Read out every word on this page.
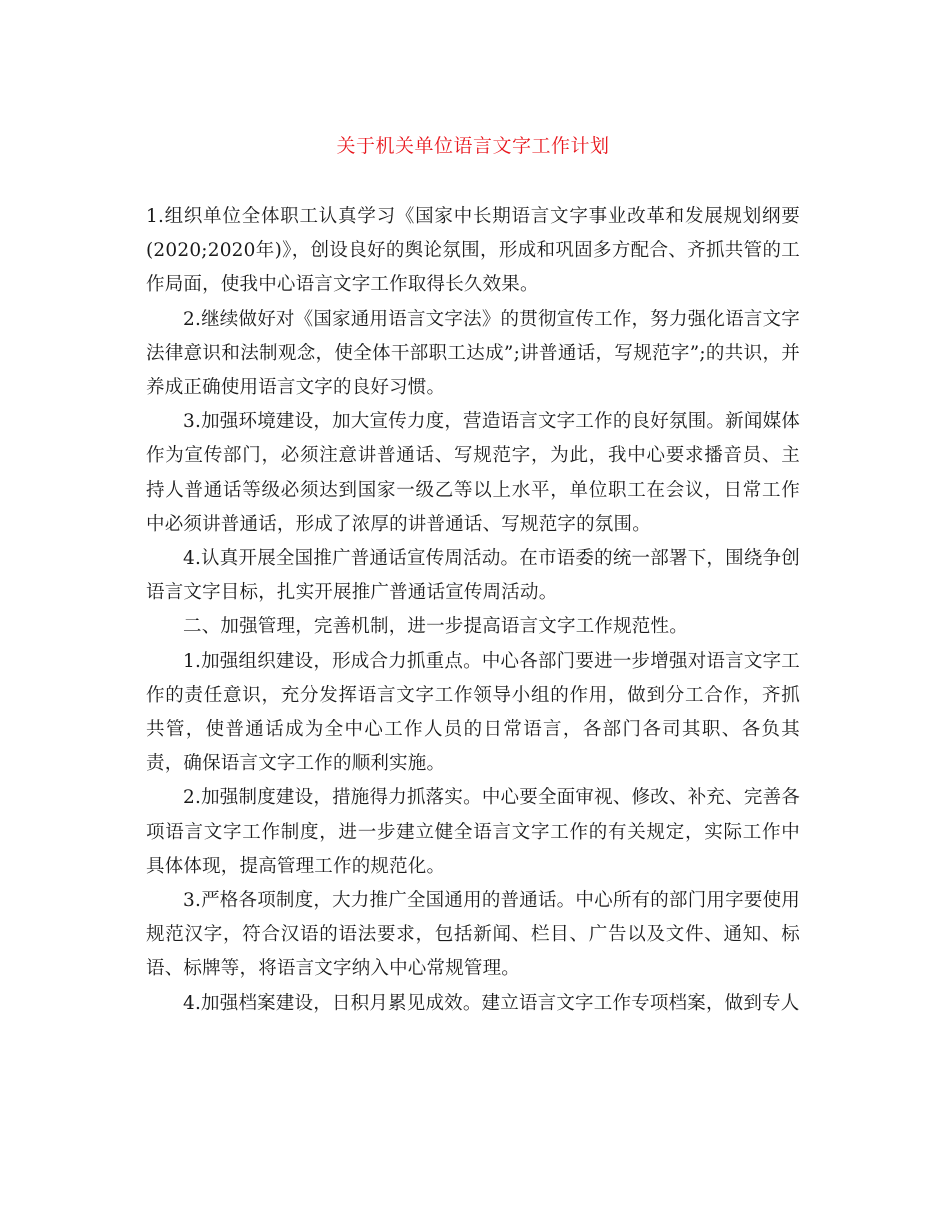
关于机关单位语言文字工作计划

1.组织单位全体职工认真学习《国家中长期语言文字事业改革和发展规划纲要(2020;2020年)》，创设良好的舆论氛围，形成和巩固多方配合、齐抓共管的工作局面，使我中心语言文字工作取得长久效果。

2.继续做好对《国家通用语言文字法》的贯彻宣传工作，努力强化语言文字法律意识和法制观念，使全体干部职工达成”;讲普通话，写规范字”;的共识，并养成正确使用语言文字的良好习惯。

3.加强环境建设，加大宣传力度，营造语言文字工作的良好氛围。新闻媒体作为宣传部门，必须注意讲普通话、写规范字，为此，我中心要求播音员、主持人普通话等级必须达到国家一级乙等以上水平，单位职工在会议，日常工作中必须讲普通话，形成了浓厚的讲普通话、写规范字的氛围。

4.认真开展全国推广普通话宣传周活动。在市语委的统一部署下，围绕争创语言文字目标，扎实开展推广普通话宣传周活动。

二、加强管理，完善机制，进一步提高语言文字工作规范性。

1.加强组织建设，形成合力抓重点。中心各部门要进一步增强对语言文字工作的责任意识，充分发挥语言文字工作领导小组的作用，做到分工合作，齐抓共管，使普通话成为全中心工作人员的日常语言，各部门各司其职、各负其责，确保语言文字工作的顺利实施。

2.加强制度建设，措施得力抓落实。中心要全面审视、修改、补充、完善各项语言文字工作制度，进一步建立健全语言文字工作的有关规定，实际工作中具体体现，提高管理工作的规范化。

3.严格各项制度，大力推广全国通用的普通话。中心所有的部门用字要使用规范汉字，符合汉语的语法要求，包括新闻、栏目、广告以及文件、通知、标语、标牌等，将语言文字纳入中心常规管理。

4.加强档案建设，日积月累见成效。建立语言文字工作专项档案，做到专人
